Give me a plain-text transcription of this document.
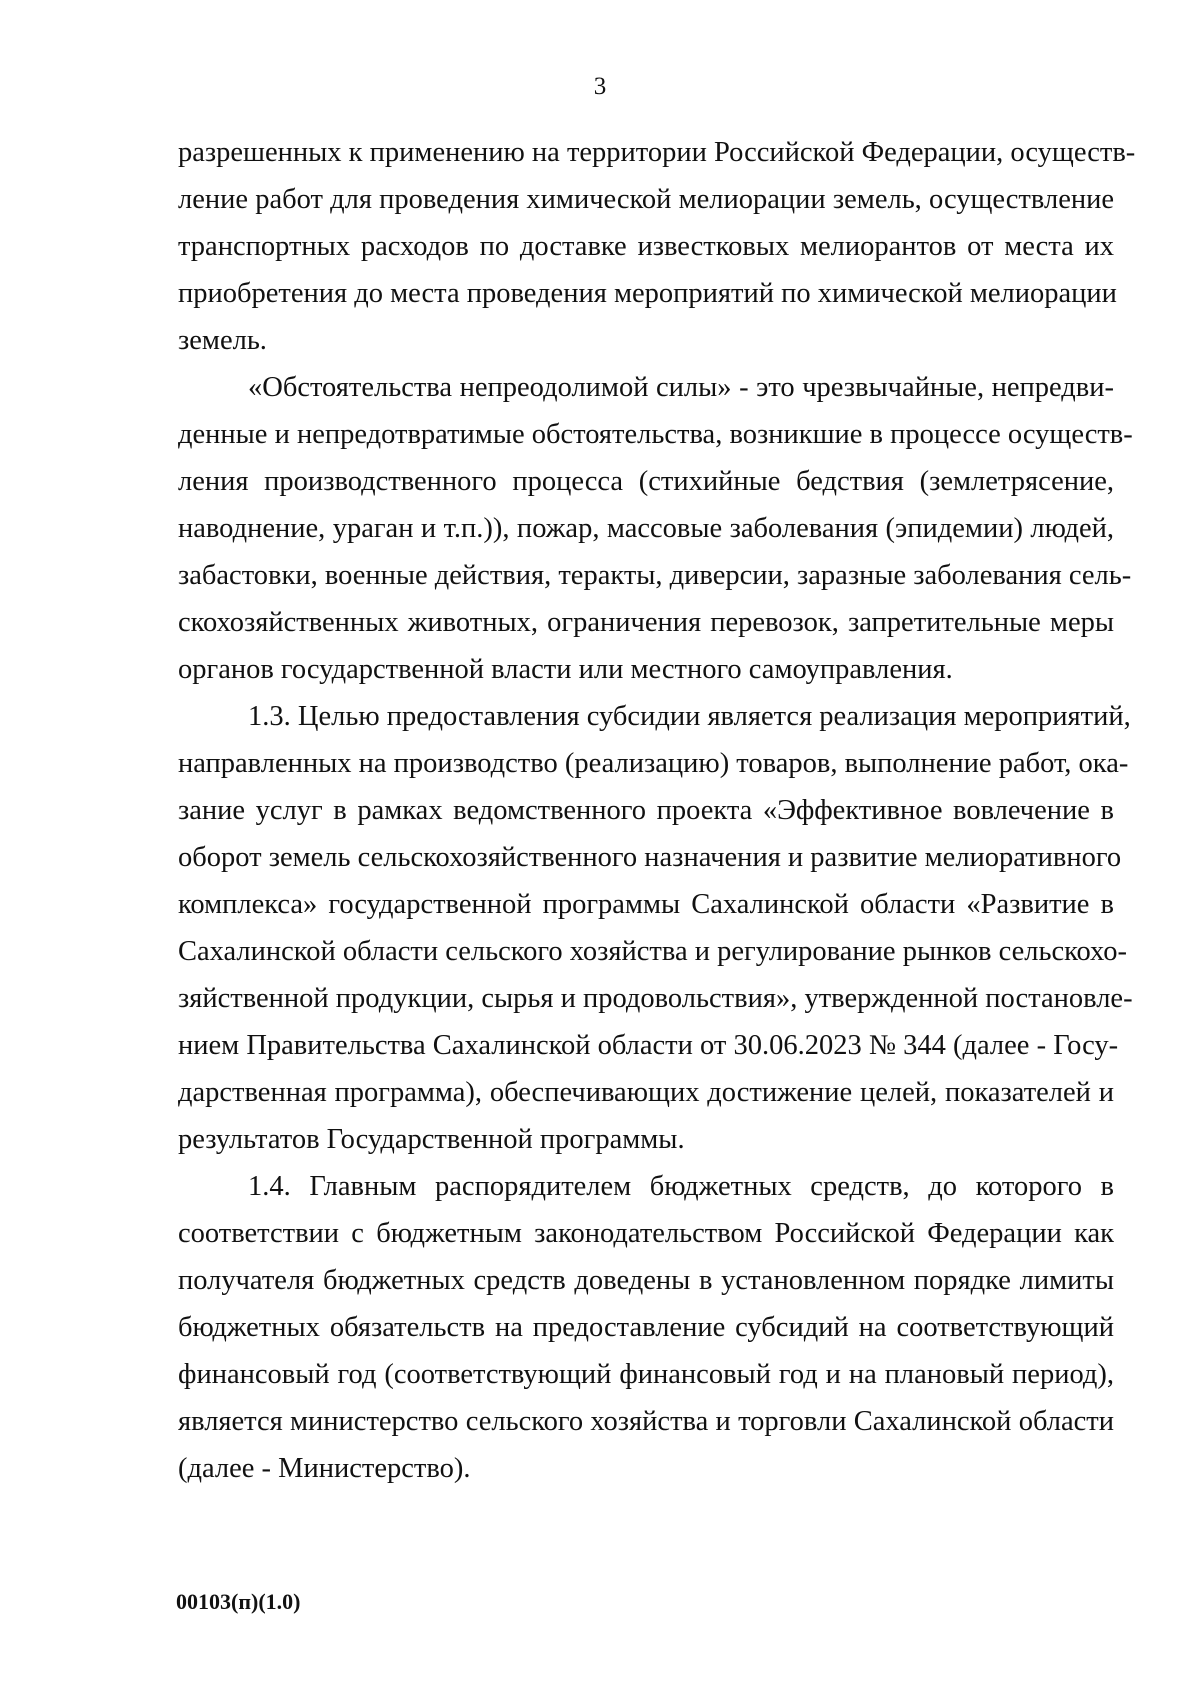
3

разрешенных к применению на территории Российской Федерации, осуществ-
ление работ для проведения химической мелиорации земель, осуществление
транспортных расходов по доставке известковых мелиорантов от места их
приобретения до места проведения мероприятий по химической мелиорации
земель.

«Обстоятельства непреодолимой силы» - это чрезвычайные, непредви-
денные и непредотвратимые обстоятельства, возникшие в процессе осуществ-
ления производственного процесса (стихийные бедствия (землетрясение,
наводнение, ураган и т.п.)), пожар, массовые заболевания (эпидемии) людей,
забастовки, военные действия, теракты, диверсии, заразные заболевания сель-
скохозяйственных животных, ограничения перевозок, запретительные меры
органов государственной власти или местного самоуправления.

1.3. Целью предоставления субсидии является реализация мероприятий,
направленных на производство (реализацию) товаров, выполнение работ, ока-
зание услуг в рамках ведомственного проекта «Эффективное вовлечение в
оборот земель сельскохозяйственного назначения и развитие мелиоративного
комплекса» государственной программы Сахалинской области «Развитие в
Сахалинской области сельского хозяйства и регулирование рынков сельскохо-
зяйственной продукции, сырья и продовольствия», утвержденной постановле-
нием Правительства Сахалинской области от 30.06.2023 № 344 (далее - Госу-
дарственная программа), обеспечивающих достижение целей, показателей и
результатов Государственной программы.

1.4. Главным распорядителем бюджетных средств, до которого в
соответствии с бюджетным законодательством Российской Федерации как
получателя бюджетных средств доведены в установленном порядке лимиты
бюджетных обязательств на предоставление субсидий на соответствующий
финансовый год (соответствующий финансовый год и на плановый период),
является министерство сельского хозяйства и торговли Сахалинской области
(далее - Министерство).

00103(п)(1.0)
